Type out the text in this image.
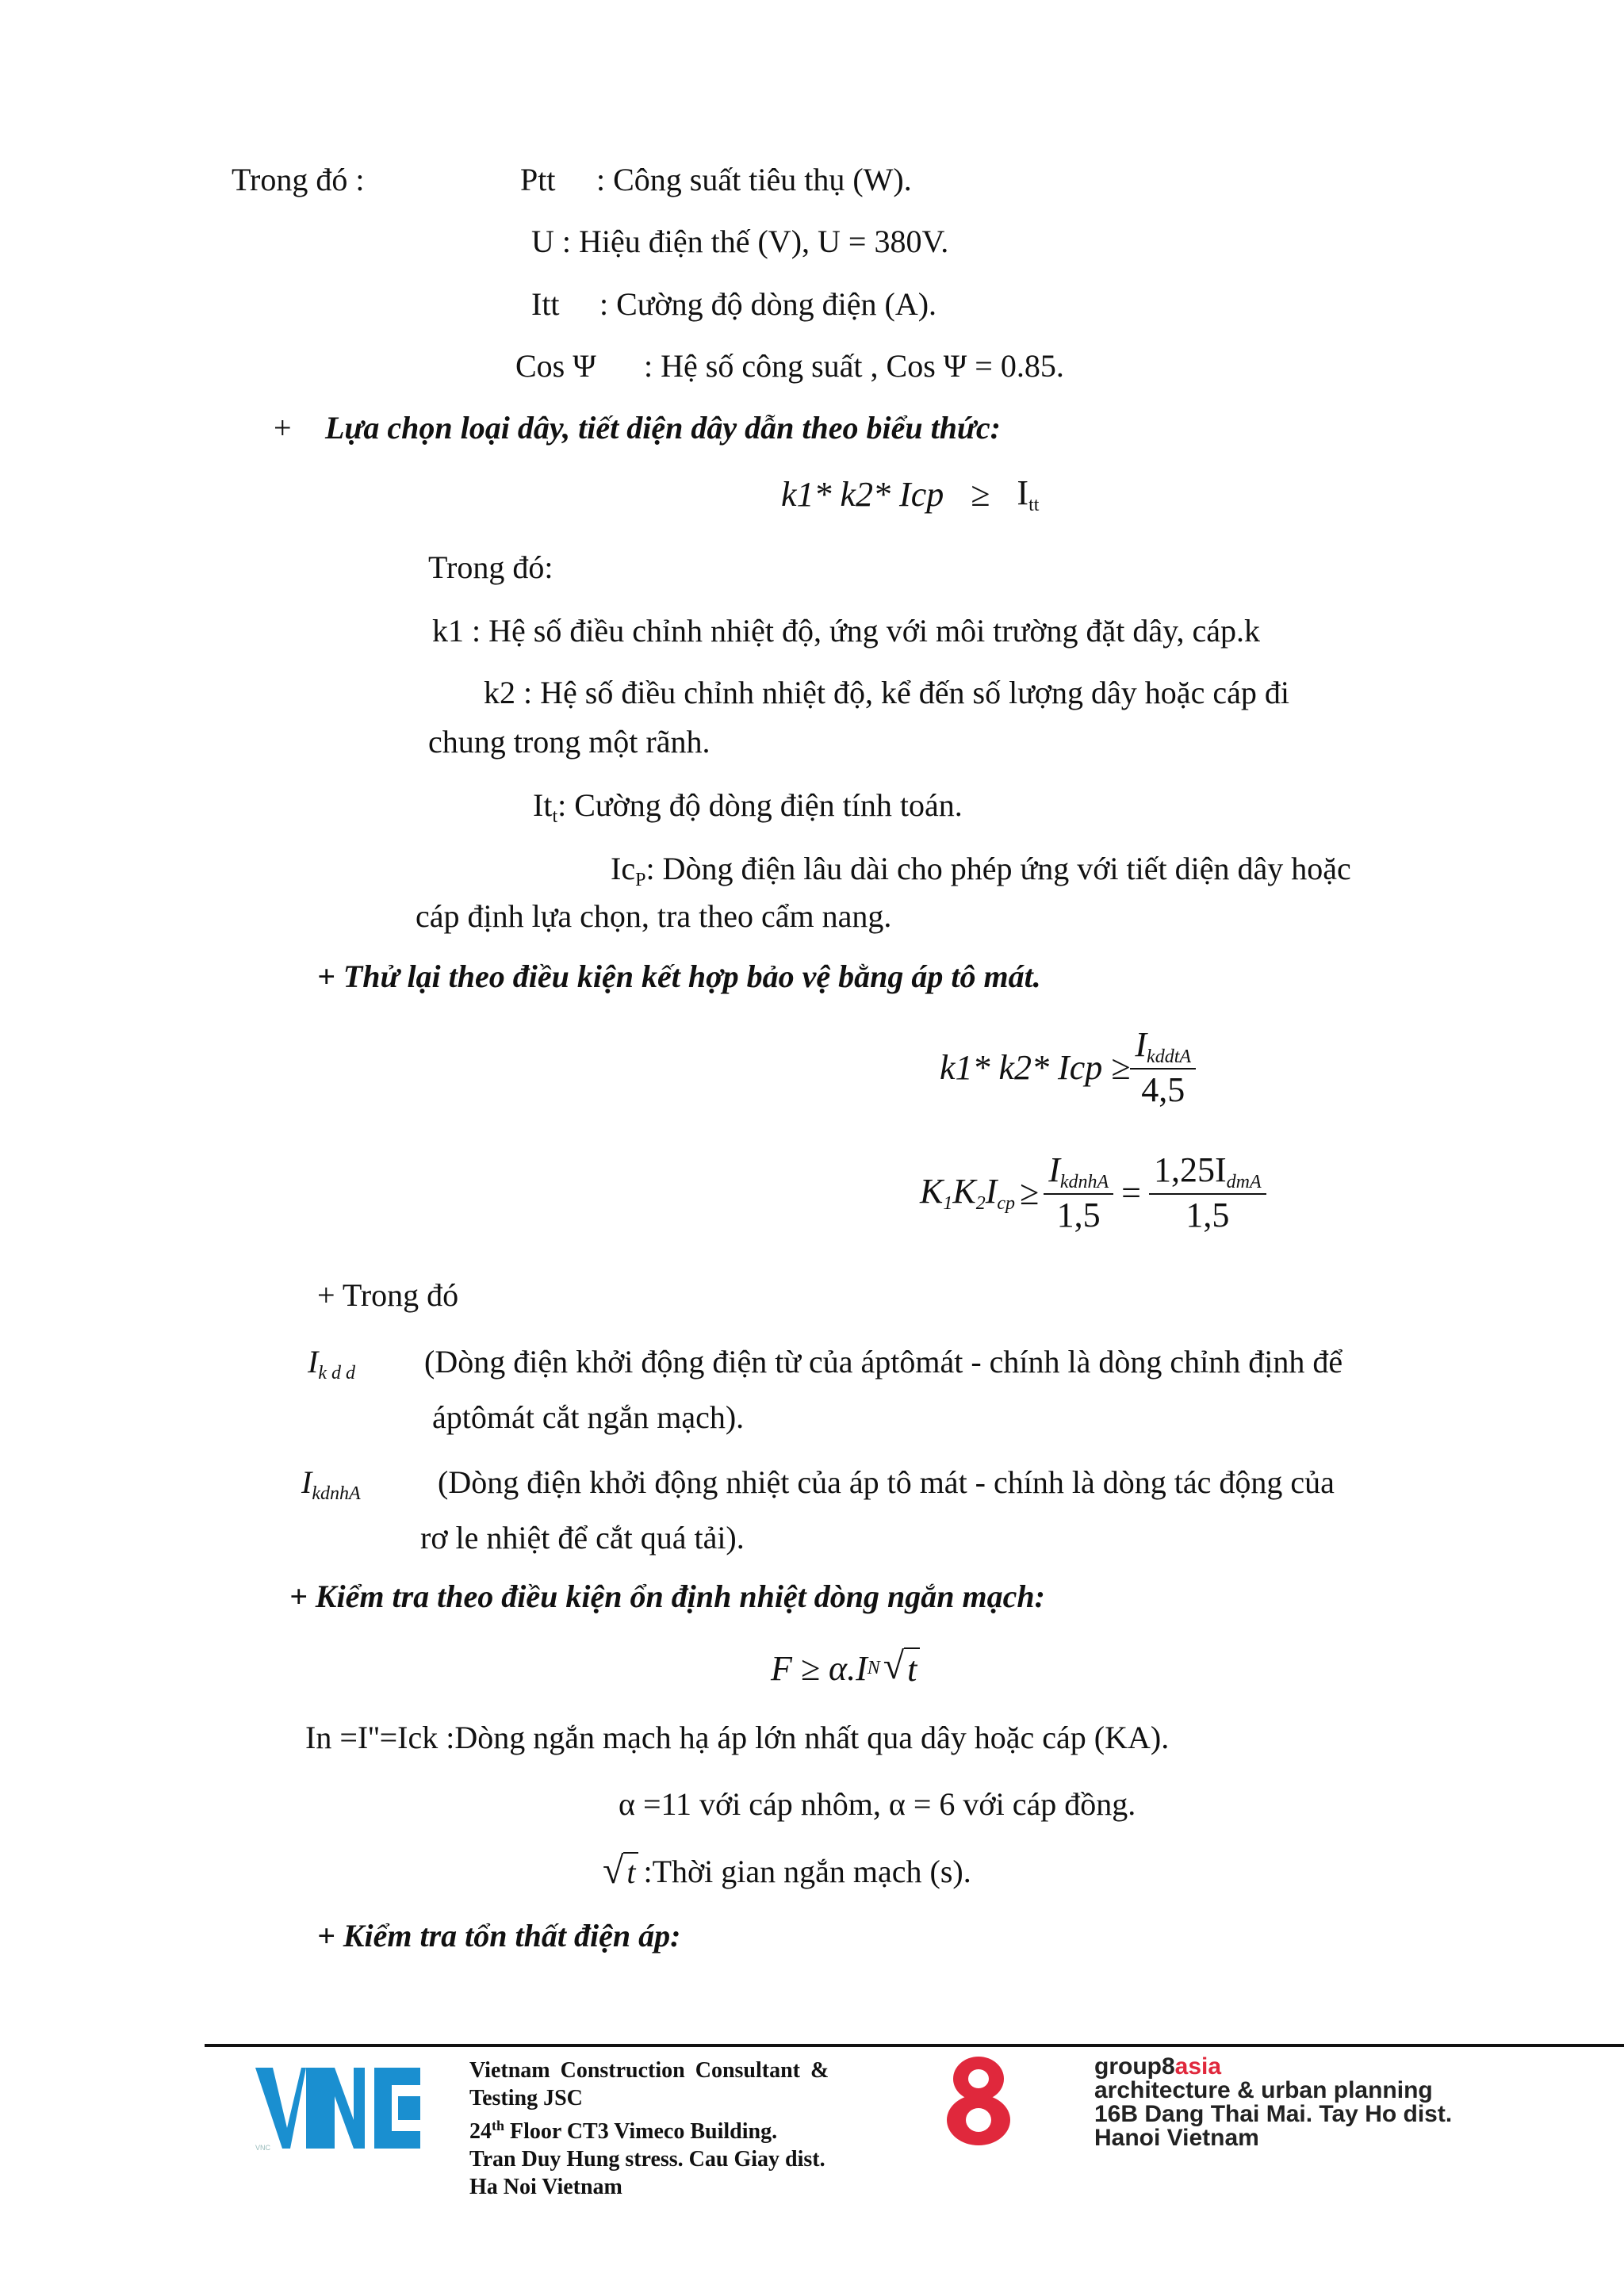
Trong đó :	Ptt : Công suất tiêu thụ (W).
U : Hiệu điện thế (V), U = 380V.
Itt : Cường độ dòng điện (A).
Cos Ψ : Hệ số công suất , Cos Ψ = 0.85.
+ Lựa chọn loại dây, tiết diện dây dẫn theo biểu thức:
k1* k2* Icp ≥ $I_{tt}$
Trong đó:
k1 : Hệ số điều chỉnh nhiệt độ, ứng với môi trường đặt dây, cáp.k
k2 : Hệ số điều chỉnh nhiệt độ, kể đến số lượng dây hoặc cáp đi
chung trong một rãnh.
$It_t$: Cường độ dòng điện tính toán.
$Ic_P$: Dòng điện lâu dài cho phép ứng với tiết diện dây hoặc
cáp định lựa chọn, tra theo cẩm nang.
+ Thử lại theo điều kiện kết hợp bảo vệ bằng áp tô mát.
k1* k2* Icp ≥ $\frac{I_{kddtA}}{4,5}$
$K_1K_2I_{cp} \ge \frac{I_{kdnhA}}{1,5} = \frac{1,25I_{dmA}}{1,5}$
+ Trong đó
$I_{k d d}$ (Dòng điện khởi động điện từ của áptômát - chính là dòng chỉnh định để
áptômát cắt ngắn mạch).
$I_{kdnhA}$ (Dòng điện khởi động nhiệt của áp tô mát - chính là dòng tác động của
rơ le nhiệt để cắt quá tải).
+ Kiểm tra theo điều kiện ổn định nhiệt dòng ngắn mạch:
F ≥ α.I N √ t
In =I''=Ick :Dòng ngắn mạch hạ áp lớn nhất qua dây hoặc cáp (KA).
α =11 với cáp nhôm, α = 6 với cáp đồng.
√ t :Thời gian ngắn mạch (s).
+ Kiểm tra tổn thất điện áp:
VNC
Vietnam Construction Consultant &
Testing JSC
24th Floor CT3 Vimeco Building.
Tran Duy Hung stress. Cau Giay dist.
Ha Noi Vietnam
group8asia
architecture & urban planning
16B Dang Thai Mai. Tay Ho dist.
Hanoi Vietnam
